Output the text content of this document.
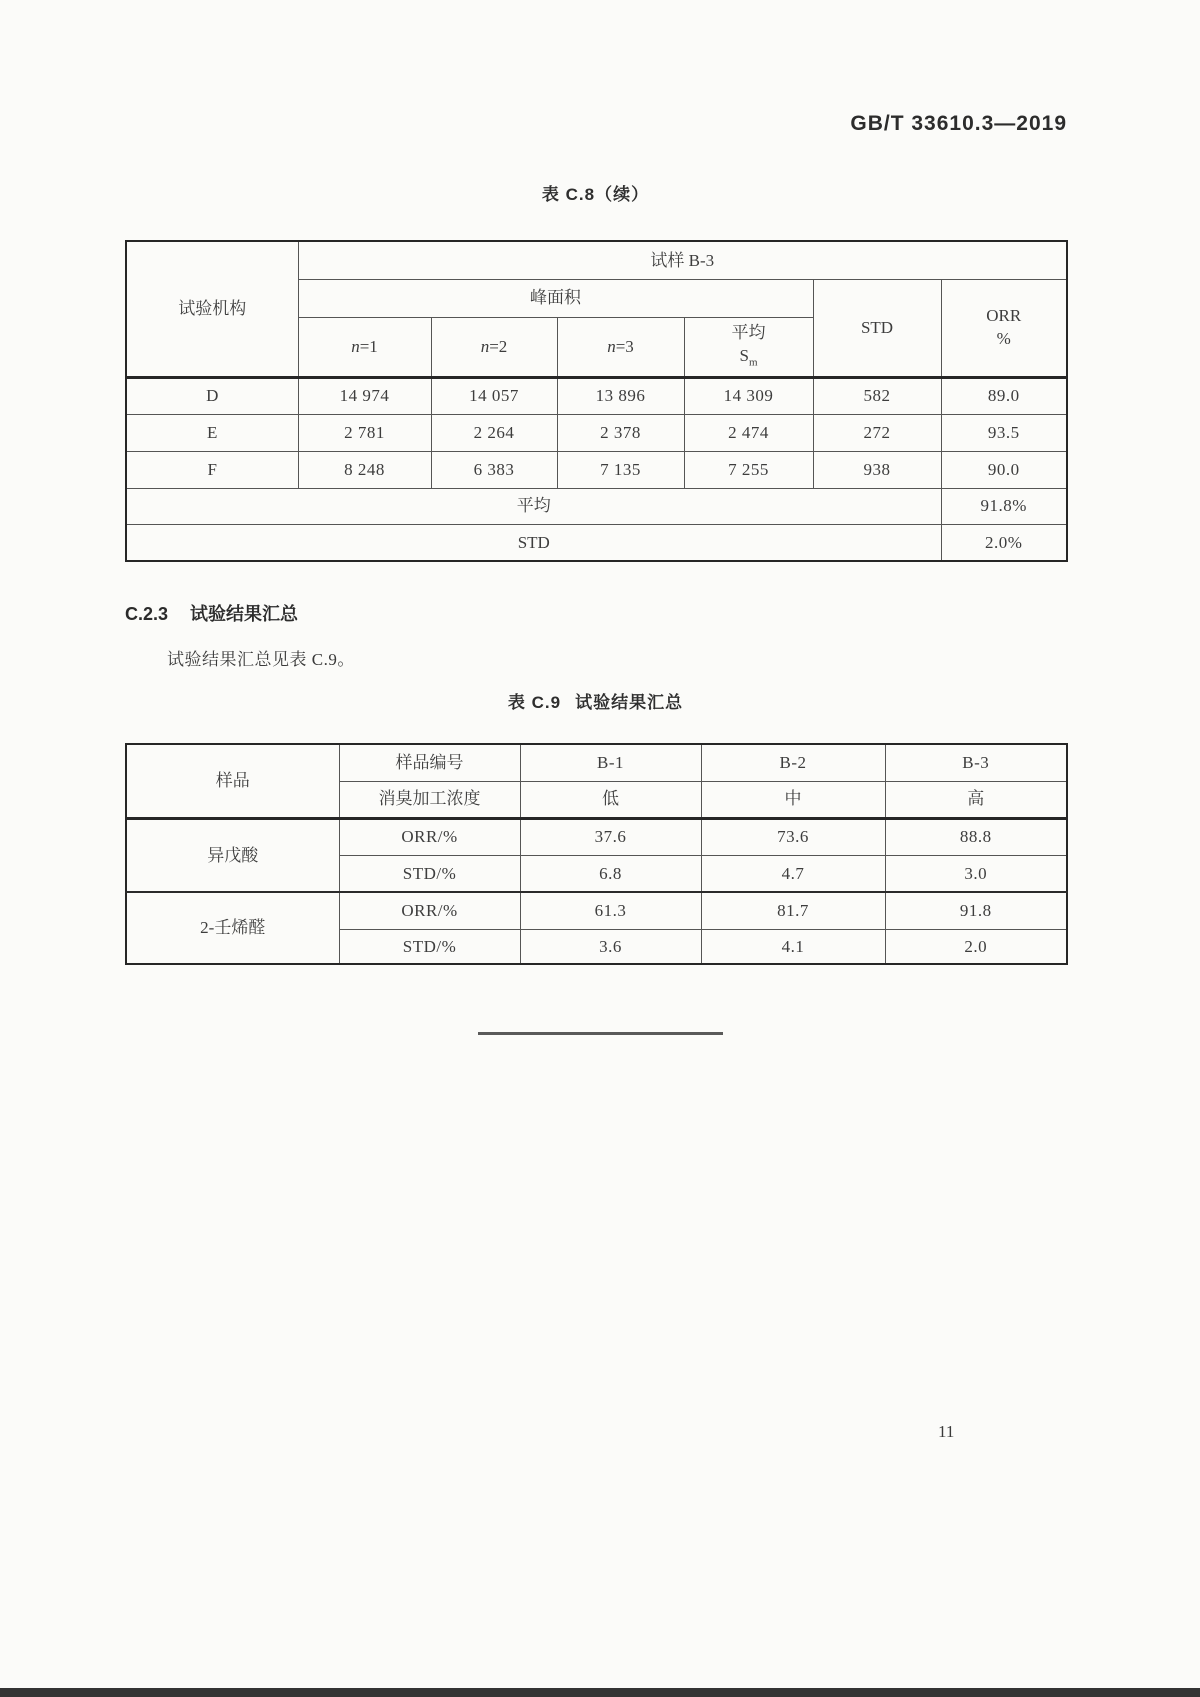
GB/T 33610.3—2019
表 C.8（续）
试验机构	试样 B-3					
	峰面积				STD	ORR
%

	n=1	n=2	n=3	平均
$S_m$

D	14 974	14 057	13 896	14 309	582	89.0
E	2 781	2 264	2 378	2 474	272	93.5
F	8 248	6 383	7 135	7 255	938	90.0
平均						91.8%
STD						2.0%
C.2.3 试验结果汇总
试验结果汇总见表 C.9。
表 C.9 试验结果汇总
样品	样品编号	B-1	B-2	B-3
	消臭加工浓度	低	中	高
异戊酸	ORR/%	37.6	73.6	88.8
	STD/%	6.8	4.7	3.0
2-壬烯醛	ORR/%	61.3	81.7	91.8
	STD/%	3.6	4.1	2.0
11
